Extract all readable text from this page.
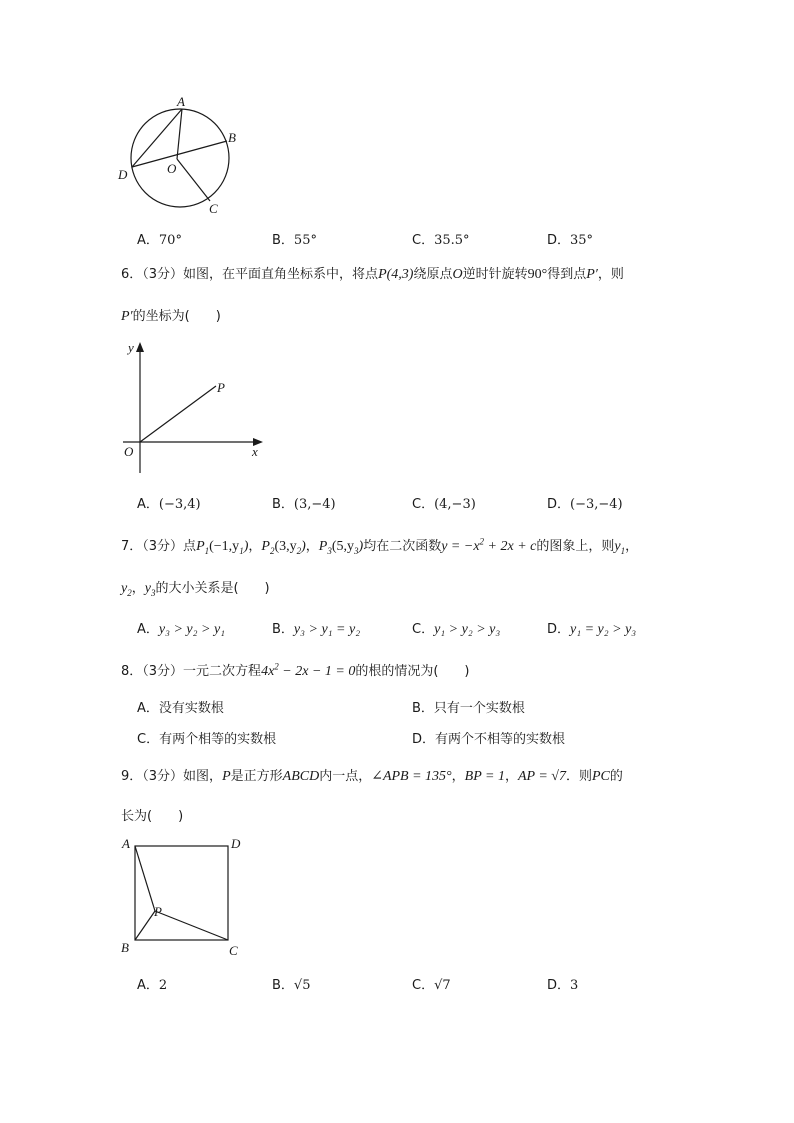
A
B
C
D	O
A．70°	B．55°	C．35.5°	D．35°
6．（3分）如图，在平面直角坐标系中，将点P(4,3)绕原点O逆时针旋转90°得到点P′，则
P′的坐标为(　　)
y
x
O
P
A．(−3,4)	B．(3,−4)	C．(4,−3)	D．(−3,−4)
7．（3分）点$P_1(-1,y_1)$，$P_2(3,y_2)$，$P_3(5,y_3)$均在二次函数$y = -x^2 + 2x + c$的图象上，则$y_1$，
$y_2$，$y_3$的大小关系是(　　)
A．y₃ > y₂ > y₁	B．y₃ > y₁ = y₂	C．y₁ > y₂ > y₃	D．y₁ = y₂ > y₃
8．（3分）一元二次方程$4x^2 - 2x - 1 = 0$的根的情况为(　　)
A．没有实数根	B．只有一个实数根
C．有两个相等的实数根	D．有两个不相等的实数根
9．（3分）如图，P是正方形ABCD内一点，∠APB = 135°，BP = 1，AP = √7．则PC的
长为(　　)
A	D
B	C
P
A．2	B．√5	C．√7	D．3
